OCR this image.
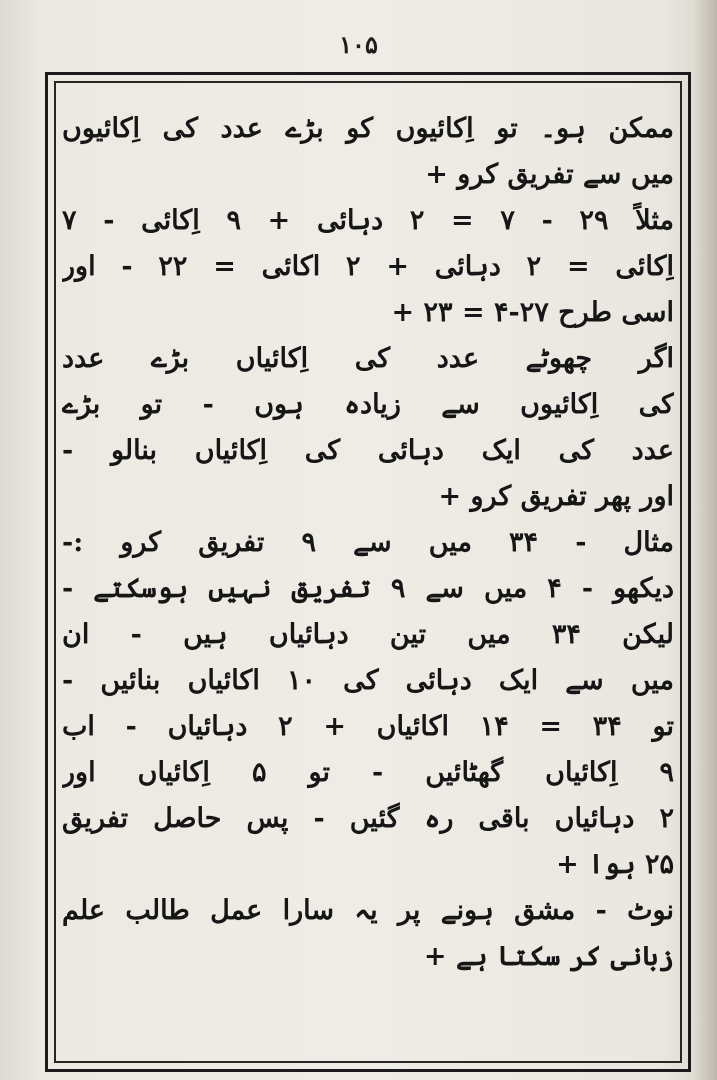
۱۰۵
ممکن ہو۔ تو اِکائیوں کو بڑے عدد کی اِکائیوں
میں سے تفریق کرو +
مثلاً ۲۹ - ۷ = ۲ دہائی + ۹ اِکائی - ۷
اِکائی = ۲ دہائی + ۲ اکائی = ۲۲ - اور
اسی طرح ۲۷-۴ = ۲۳ +
اگر چھوٹے عدد کی اِکائیاں بڑے عدد
کی اِکائیوں سے زیادہ ہوں - تو بڑے
عدد کی ایک دہائی کی اِکائیاں بنالو -
اور پھر تفریق کرو +
مثال - ۳۴ میں سے ۹ تفریق کرو :-
دیکھو - ۴ میں سے ۹ تفریق نہیں ہوسکتے -
لیکن ۳۴ میں تین دہائیاں ہیں - ان
میں سے ایک دہائی کی ۱۰ اکائیاں بنائیں -
تو ۳۴ = ۱۴ اکائیاں + ۲ دہائیاں - اب
۹ اِکائیاں گھٹائیں - تو ۵ اِکائیاں اور
۲ دہائیاں باقی رہ گئیں - پس حاصل تفریق
۲۵ ہوا +
نوٹ - مشق ہونے پر یہ سارا عمل طالب علم
زبانی کر سکتا ہے +
